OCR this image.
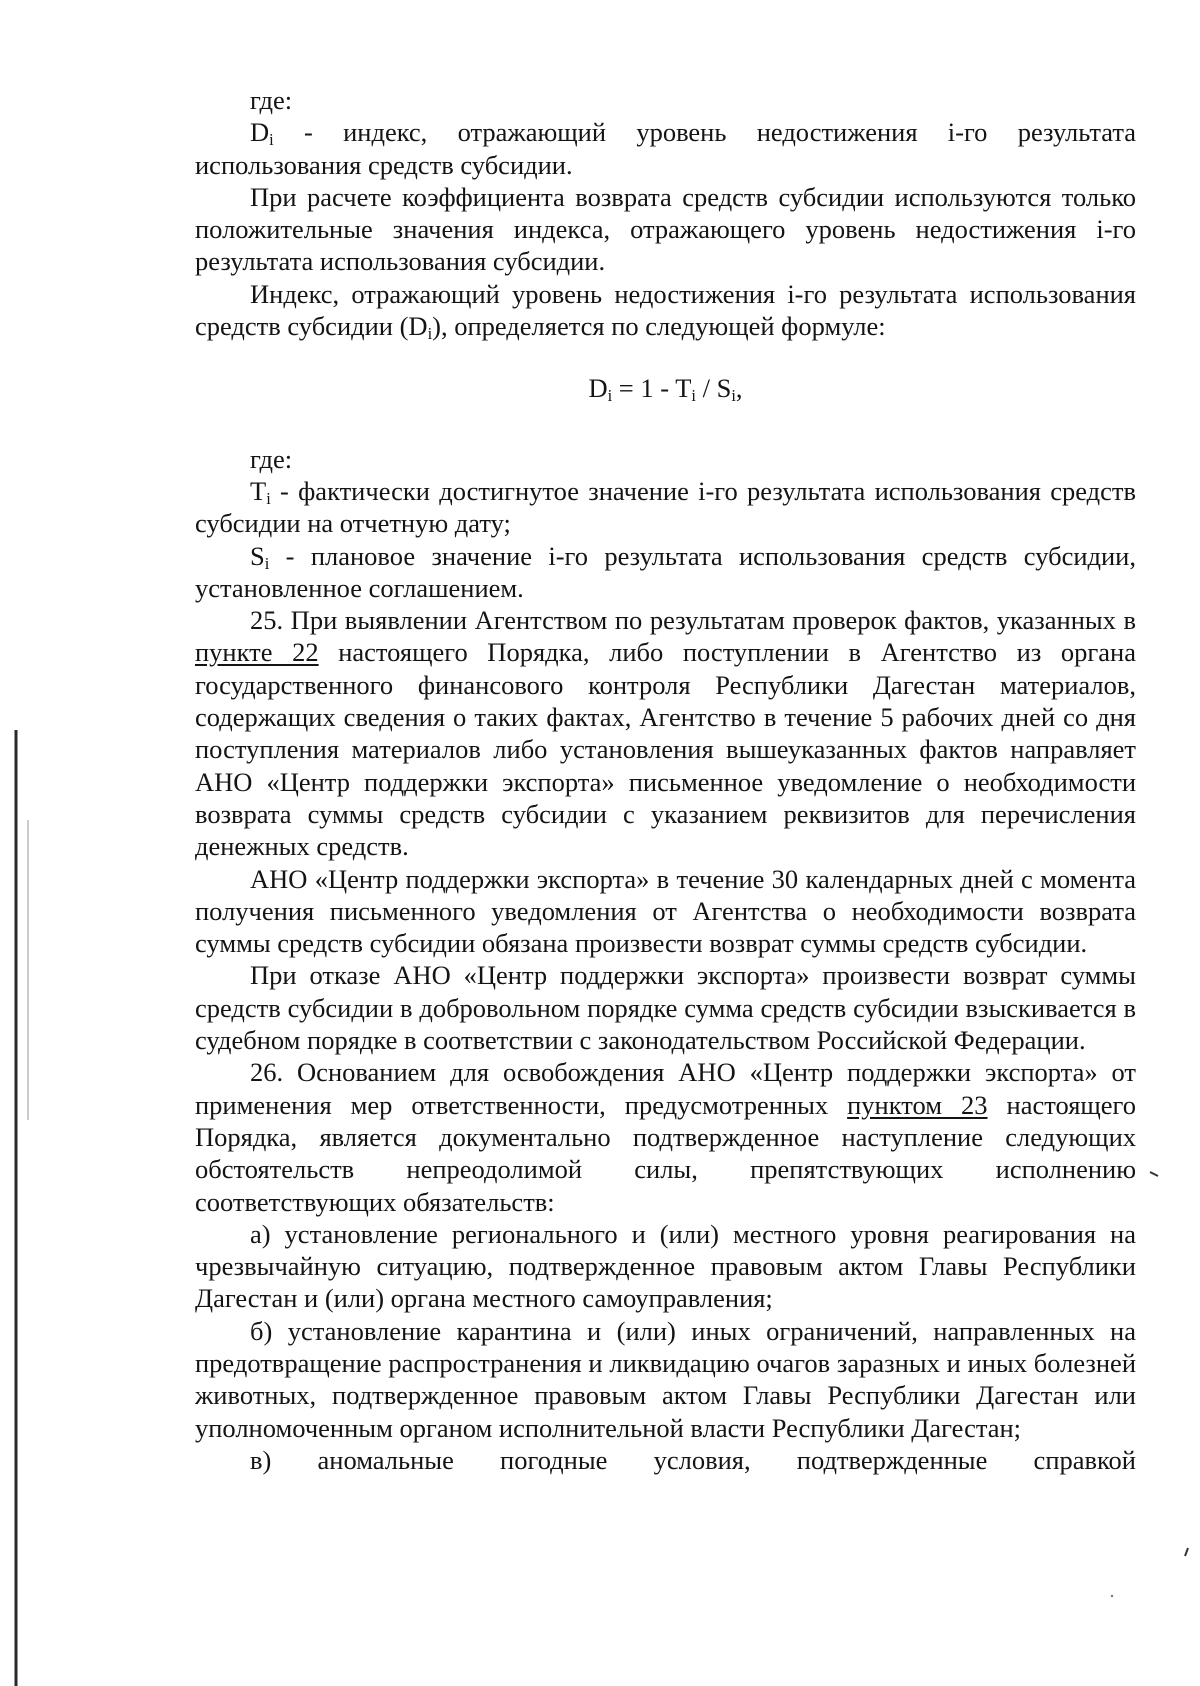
где:

$D_i$ - индекс, отражающий уровень недостижения i-го результата использования средств субсидии.

При расчете коэффициента возврата средств субсидии используются только положительные значения индекса, отражающего уровень недостижения i-го результата использования субсидии.

Индекс, отражающий уровень недостижения i-го результата использования средств субсидии $(D_i)$, определяется по следующей формуле:

$D_i = 1 - T_i / S_i$,

где:

$T_i$ - фактически достигнутое значение i-го результата использования средств субсидии на отчетную дату;

$S_i$ - плановое значение i-го результата использования средств субсидии, установленное соглашением.

25. При выявлении Агентством по результатам проверок фактов, указанных в пункте 22 настоящего Порядка, либо поступлении в Агентство из органа государственного финансового контроля Республики Дагестан материалов, содержащих сведения о таких фактах, Агентство в течение 5 рабочих дней со дня поступления материалов либо установления вышеуказанных фактов направляет АНО «Центр поддержки экспорта» письменное уведомление о необходимости возврата суммы средств субсидии с указанием реквизитов для перечисления денежных средств.

АНО «Центр поддержки экспорта» в течение 30 календарных дней с момента получения письменного уведомления от Агентства о необходимости возврата суммы средств субсидии обязана произвести возврат суммы средств субсидии.

При отказе АНО «Центр поддержки экспорта» произвести возврат суммы средств субсидии в добровольном порядке сумма средств субсидии взыскивается в судебном порядке в соответствии с законодательством Российской Федерации.

26. Основанием для освобождения АНО «Центр поддержки экспорта» от применения мер ответственности, предусмотренных пунктом 23 настоящего Порядка, является документально подтвержденное наступление следующих обстоятельств непреодолимой силы, препятствующих исполнению соответствующих обязательств:

а) установление регионального и (или) местного уровня реагирования на чрезвычайную ситуацию, подтвержденное правовым актом Главы Республики Дагестан и (или) органа местного самоуправления;

б) установление карантина и (или) иных ограничений, направленных на предотвращение распространения и ликвидацию очагов заразных и иных болезней животных, подтвержденное правовым актом Главы Республики Дагестан или уполномоченным органом исполнительной власти Республики Дагестан;

в) аномальные погодные условия, подтвержденные справкой
